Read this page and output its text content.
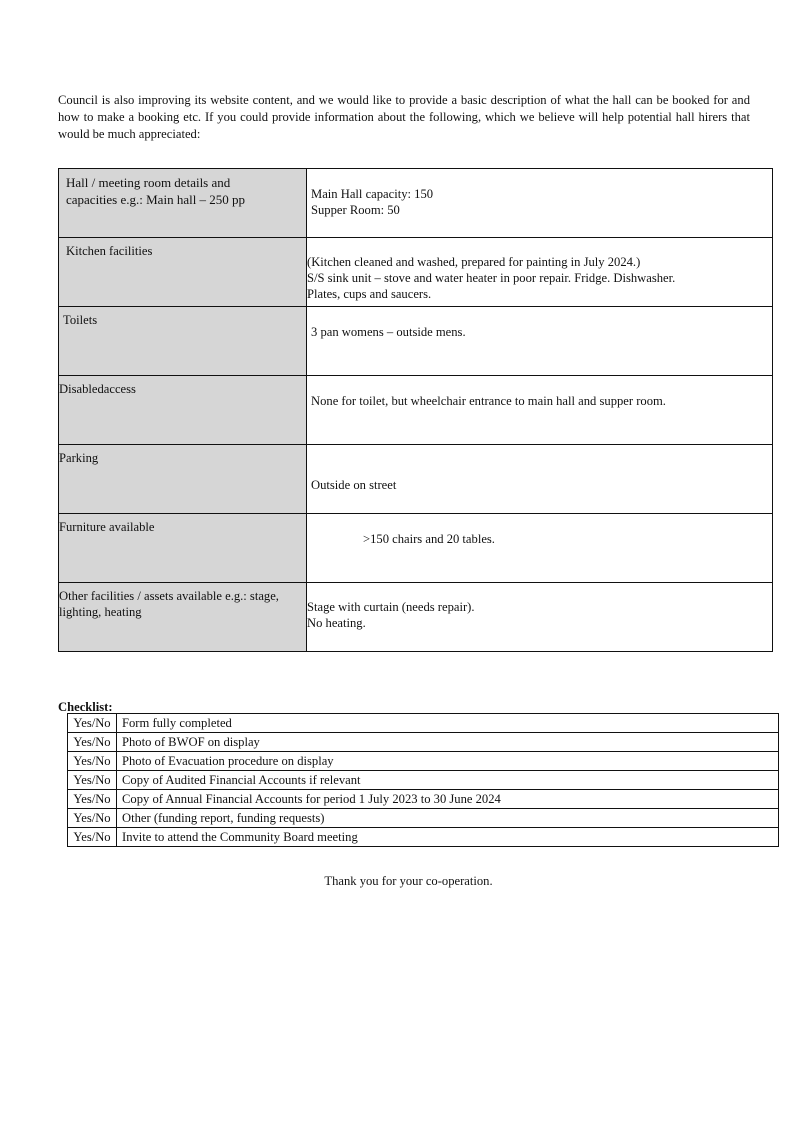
Council is also improving its website content, and we would like to provide a basic description of what the hall can be booked for and how to make a booking etc. If you could provide information about the following, which we believe will help potential hall hirers that would be much appreciated:

Hall / meeting room details and capacities e.g.: Main hall – 250 pp	Main Hall capacity: 150
Supper Room: 50

Kitchen facilities	(Kitchen cleaned and washed, prepared for painting in July 2024.)
S/S sink unit – stove and water heater in poor repair. Fridge. Dishwasher.
Plates, cups and saucers.

Toilets	3 pan womens – outside mens.

Disabledaccess	None for toilet, but wheelchair entrance to main hall and supper room.

Parking	Outside on street

Furniture available	>150 chairs and 20 tables.

Other facilities / assets available e.g.: stage, lighting, heating	Stage with curtain (needs repair).
No heating.

Checklist:

Yes/No	Form fully completed
Yes/No	Photo of BWOF on display
Yes/No	Photo of Evacuation procedure on display
Yes/No	Copy of Audited Financial Accounts if relevant
Yes/No	Copy of Annual Financial Accounts for period 1 July 2023 to 30 June 2024
Yes/No	Other (funding report, funding requests)
Yes/No	Invite to attend the Community Board meeting

Thank you for your co-operation.
